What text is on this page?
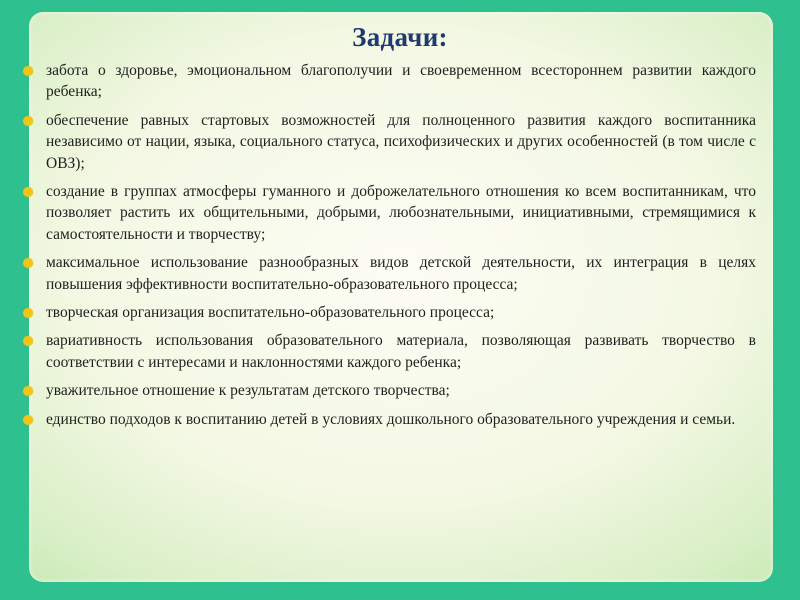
Задачи:
забота о здоровье, эмоциональном благополучии и своевременном всестороннем развитии каждого ребенка;
обеспечение равных стартовых возможностей для полноценного развития каждого воспитанника независимо от нации, языка, социального статуса, психофизических и других особенностей (в том числе с ОВЗ);
создание в группах атмосферы гуманного и доброжелательного отношения ко всем воспитанникам, что позволяет растить их общительными, добрыми, любознательными, инициативными, стремящимися к самостоятельности и творчеству;
максимальное использование разнообразных видов детской деятельности, их интеграция в целях повышения эффективности воспитательно-образовательного процесса;
творческая организация воспитательно-образовательного процесса;
вариативность использования образовательного материала, позволяющая развивать творчество в соответствии с интересами и наклонностями каждого ребенка;
уважительное отношение к результатам детского творчества;
единство подходов к воспитанию детей в условиях дошкольного образовательного учреждения и семьи.
